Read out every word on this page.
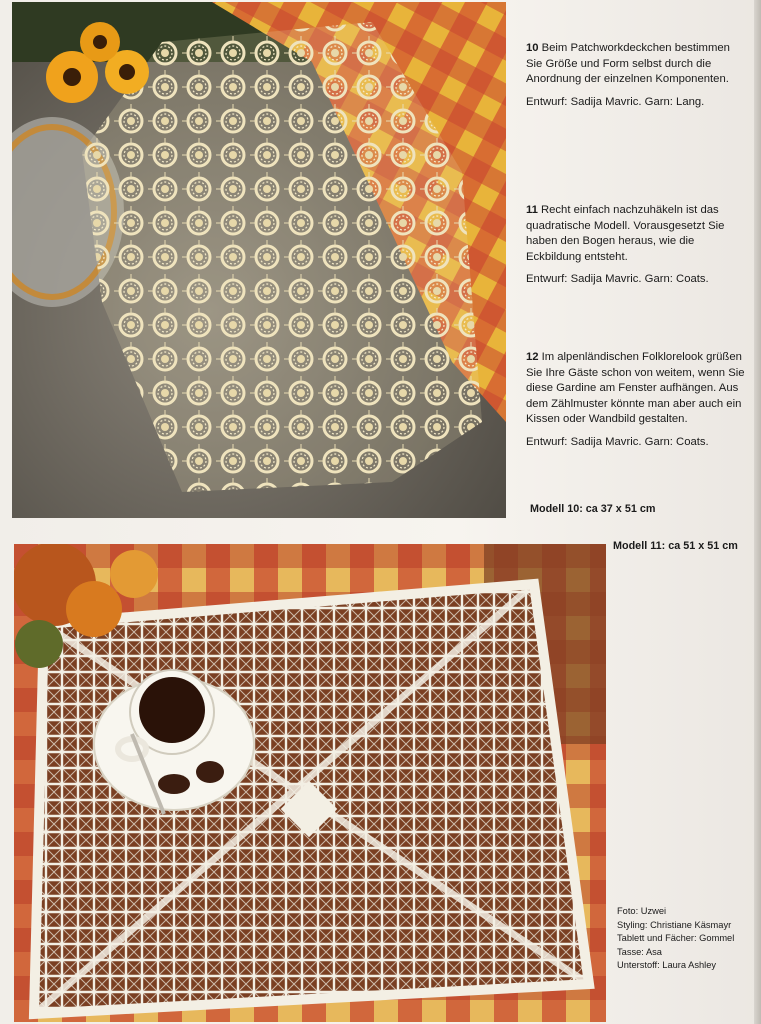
10 Beim Patchworkdeckchen bestimmen Sie Größe und Form selbst durch die Anordnung der einzelnen Komponenten.

Entwurf: Sadija Mavric. Garn: Lang.

11 Recht einfach nachzuhäkeln ist das quadratische Modell. Vorausgesetzt Sie haben den Bogen heraus, wie die Eckbildung entsteht.

Entwurf: Sadija Mavric. Garn: Coats.

12 Im alpenländischen Folklorelook grüßen Sie Ihre Gäste schon von weitem, wenn Sie diese Gardine am Fenster aufhängen. Aus dem Zählmuster könnte man aber auch ein Kissen oder Wandbild gestalten.

Entwurf: Sadija Mavric. Garn: Coats.

Modell 10: ca 37 x 51 cm
Modell 11: ca 51 x 51 cm
Foto: Uzwei
Styling: Christiane Käsmayr
Tablett und Fächer: Gommel
Tasse: Asa
Unterstoff: Laura Ashley
